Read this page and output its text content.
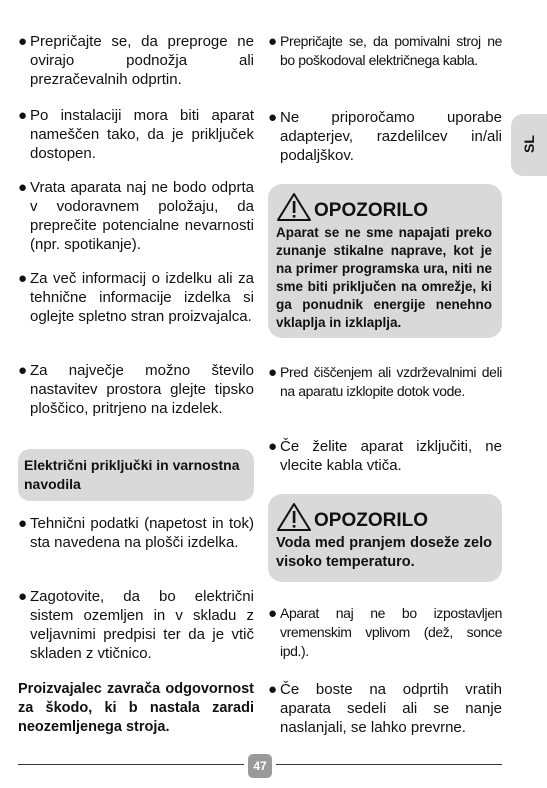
● Prepričajte se, da preproge ne ovirajo podnožja ali prezračevalnih odprtin.
● Po instalaciji mora biti aparat nameščen tako, da je priključek dostopen.
● Vrata aparata naj ne bodo odprta v vodoravnem položaju, da preprečite potencialne nevarnosti (npr. spotikanje).
● Za več informacij o izdelku ali za tehnične informacije izdelka si oglejte spletno stran proizvajalca.
● Za največje možno število nastavitev prostora glejte tipsko ploščico, pritrjeno na izdelek.
Električni priključki in varnostna navodila
● Tehnični podatki (napetost in tok) sta navedena na plošči izdelka.
● Zagotovite, da bo električni sistem ozemljen in v skladu z veljavnimi predpisi ter da je vtič skladen z vtičnico.
Proizvajalec zavrača odgovornost za škodo, ki b nastala zaradi neozemljenega stroja.
● Prepričajte se, da pomivalni stroj ne bo poškodoval električnega kabla.
● Ne priporočamo uporabe adapterjev, razdelilcev in/ali podaljškov.
OPOZORILO
Aparat se ne sme napajati preko zunanje stikalne naprave, kot je na primer programska ura, niti ne sme biti priključen na omrežje, ki ga ponudnik energije nenehno vklaplja in izklaplja.
● Pred čiščenjem ali vzdrževalnimi deli na aparatu izklopite dotok vode.
● Če želite aparat izključiti, ne vlecite kabla vtiča.
OPOZORILO
Voda med pranjem doseže zelo visoko temperaturo.
● Aparat naj ne bo izpostavljen vremenskim vplivom (dež, sonce ipd.).
● Če boste na odprtih vratih aparata sedeli ali se nanje naslanjali, se lahko prevrne.
SL
47
